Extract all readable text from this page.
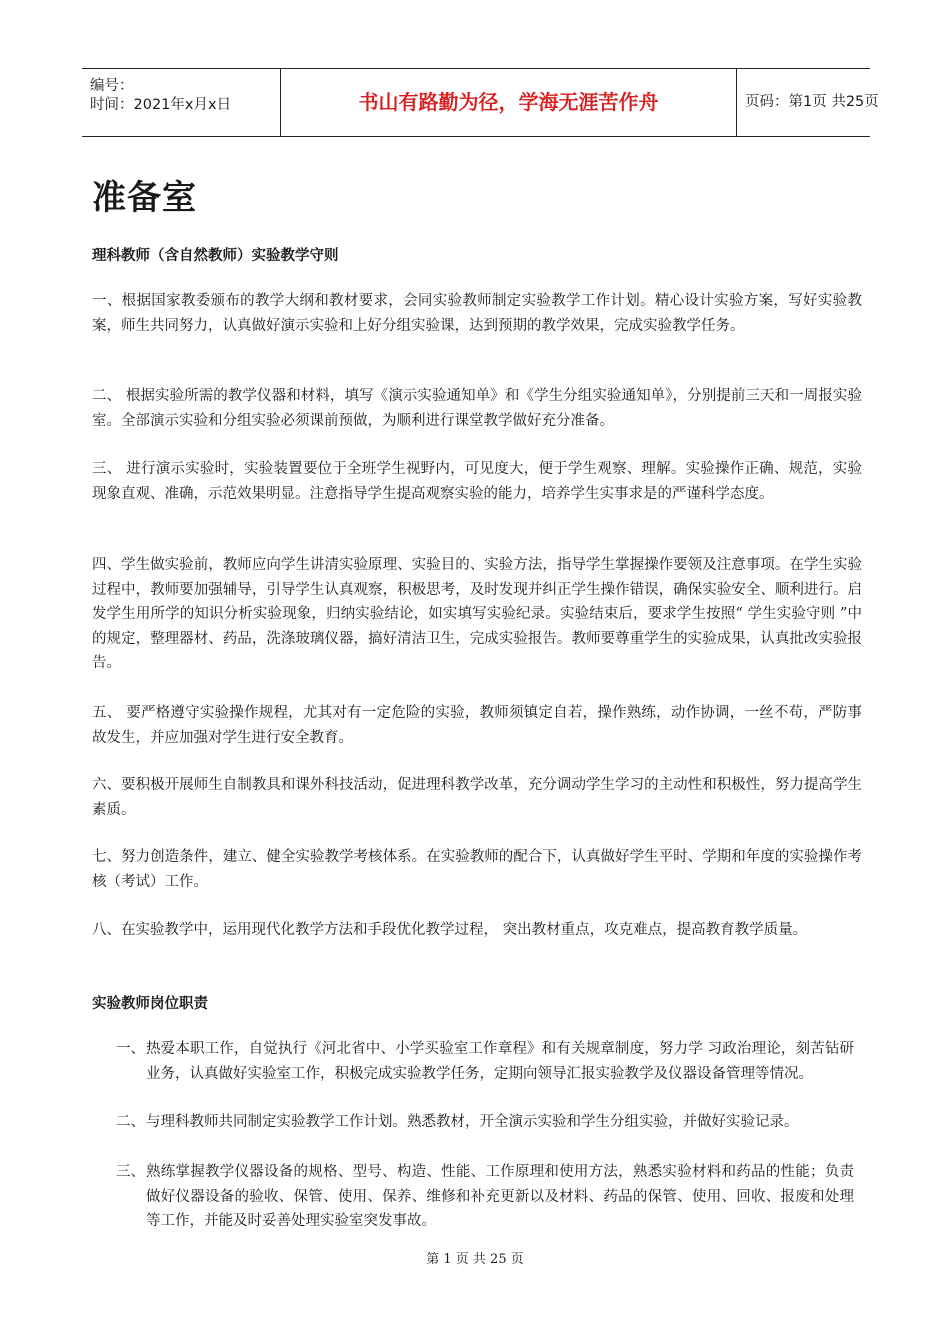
编号：
时间：2021年x月x日	书山有路勤为径，学海无涯苦作舟	页码：第1页 共25页
准备室
理科教师（含自然教师）实验教学守则
一、根据国家教委颁布的教学大纲和教材要求，会同实验教师制定实验教学工作计划。精心设计实验方案，写好实验教案，师生共同努力，认真做好演示实验和上好分组实验课，达到预期的教学效果，完成实验教学任务。
二、 根据实验所需的教学仪器和材料，填写《演示实验通知单》和《学生分组实验通知单》，分别提前三天和一周报实验室。全部演示实验和分组实验必须课前预做，为顺利进行课堂教学做好充分准备。
三、 进行演示实验时，实验装置要位于全班学生视野内，可见度大，便于学生观察、理解。实验操作正确、规范，实验现象直观、准确，示范效果明显。注意指导学生提高观察实验的能力，培养学生实事求是的严谨科学态度。
四、学生做实验前，教师应向学生讲清实验原理、实验目的、实验方法，指导学生掌握操作要领及注意事项。在学生实验过程中，教师要加强辅导，引导学生认真观察，积极思考，及时发现并纠正学生操作错误，确保实验安全、顺利进行。启发学生用所学的知识分析实验现象，归纳实验结论，如实填写实验纪录。实验结束后，要求学生按照“ 学生实验守则 ”中的规定，整理器材、药品，洗涤玻璃仪器，搞好清洁卫生，完成实验报告。教师要尊重学生的实验成果，认真批改实验报告。
五、 要严格遵守实验操作规程，尤其对有一定危险的实验，教师须镇定自若，操作熟练，动作协调，一丝不苟，严防事故发生，并应加强对学生进行安全教育。
六、要积极开展师生自制教具和课外科技活动，促进理科教学改革，充分调动学生学习的主动性和积极性，努力提高学生素质。
七、努力创造条件，建立、健全实验教学考核体系。在实验教师的配合下，认真做好学生平时、学期和年度的实验操作考核（考试）工作。
八、在实验教学中，运用现代化教学方法和手段优化教学过程， 突出教材重点，攻克难点，提高教育教学质量。
实验教师岗位职责
一、 热爱本职工作，自觉执行《河北省中、小学买验室工作章程》和有关规章制度，努力学 习政治理论，刻苦钻研业务，认真做好实验室工作，积极完成实验教学任务，定期向领导汇报实验教学及仪器设备管理等情况。
二、 与理科教师共同制定实验教学工作计划。熟悉教材，开全演示实验和学生分组实验，并做好实验记录。
三、 熟练掌握教学仪器设备的规格、型号、构造、性能、工作原理和使用方法，熟悉实验材料和药品的性能；负责做好仪器设备的验收、保管、使用、保养、维修和补充更新以及材料、药品的保管、使用、回收、报废和处理等工作，并能及时妥善处理实验室突发事故。
第 1 页 共 25 页
